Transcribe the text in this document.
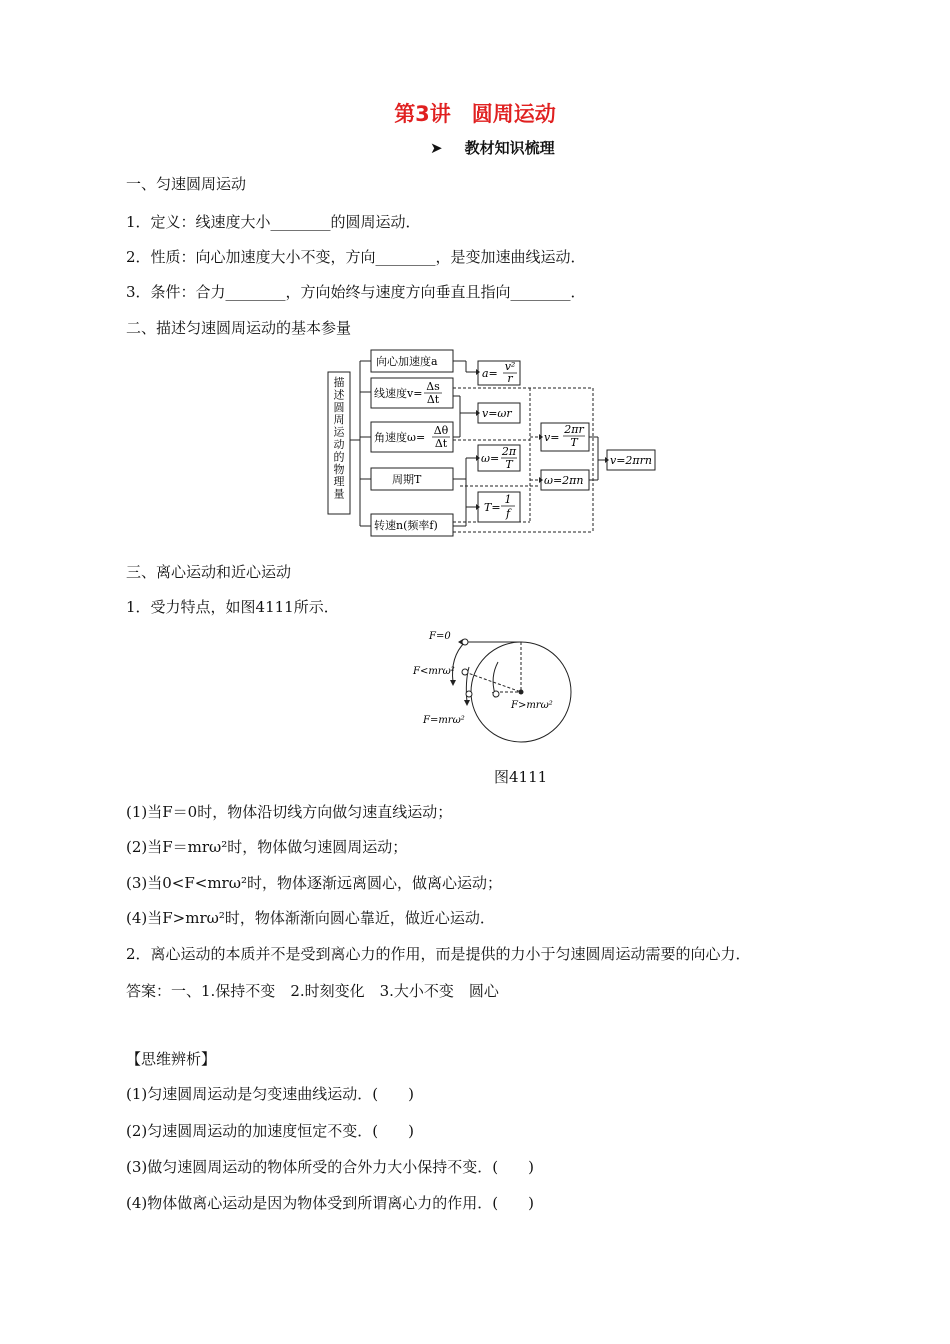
第3讲　圆周运动
➤ 教材知识梳理
一、匀速圆周运动
1．定义：线速度大小________的圆周运动．
2．性质：向心加速度大小不变，方向________，是变加速曲线运动．
3．条件：合力________，方向始终与速度方向垂直且指向________．
二、描述匀速圆周运动的基本参量
描述圆周运动的物理量
向心加速度a
线速度v=
Δs
Δt
角速度ω=
Δθ
Δt
周期T
转速n(频率f)
a=
v²
r
v=ωr
ω=
2π
T
T=
1
f
v=
2πr
T
ω=2πn
v=2πrn
三、离心运动和近心运动
1．受力特点，如图4111所示．
F=0
F<mrω²
F=mrω²
F>mrω²
图4111
(1)当F＝0时，物体沿切线方向做匀速直线运动；
(2)当F＝mrω²时，物体做匀速圆周运动；
(3)当0<F<mrω²时，物体逐渐远离圆心，做离心运动；
(4)当F>mrω²时，物体渐渐向圆心靠近，做近心运动．
2．离心运动的本质并不是受到离心力的作用，而是提供的力小于匀速圆周运动需要的向心力．
答案：一、1.保持不变　2.时刻变化　3.大小不变　圆心
【思维辨析】
(1)匀速圆周运动是匀变速曲线运动．(　　)
(2)匀速圆周运动的加速度恒定不变．(　　)
(3)做匀速圆周运动的物体所受的合外力大小保持不变．(　　)
(4)物体做离心运动是因为物体受到所谓离心力的作用．(　　)
